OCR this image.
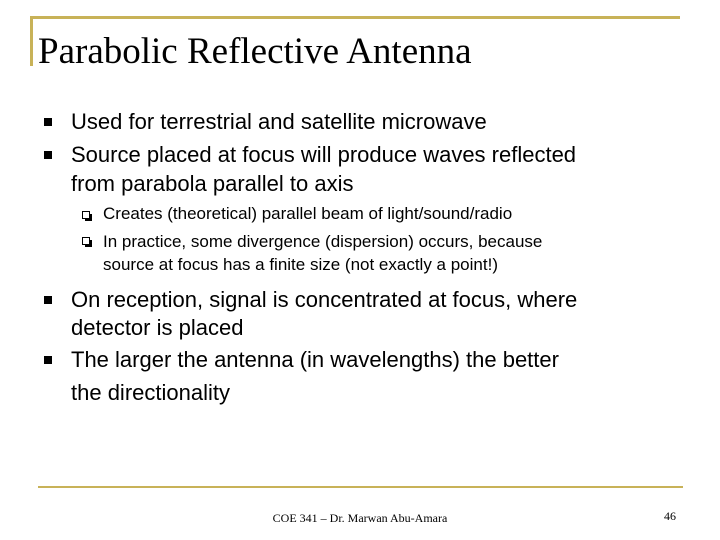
Parabolic Reflective Antenna
Used for terrestrial and satellite microwave
Source placed at focus will produce waves reflected
from parabola parallel to axis
Creates (theoretical) parallel beam of light/sound/radio
In practice, some divergence (dispersion) occurs, because
source at focus has a finite size (not exactly a point!)
On reception, signal is concentrated at focus, where
detector is placed
The larger the antenna (in wavelengths) the better
the directionality
COE 341 – Dr. Marwan Abu-Amara	46
